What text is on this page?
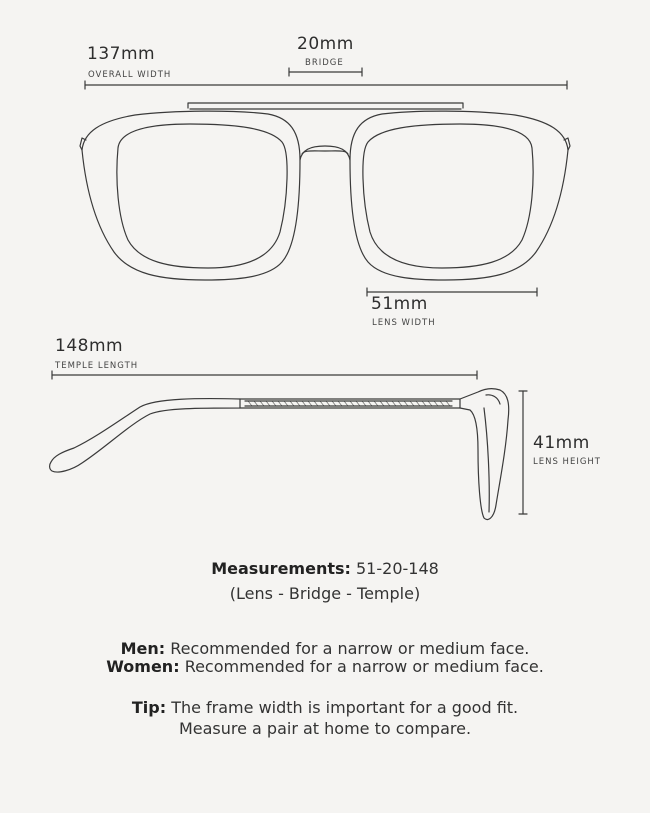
137mm
OVERALL WIDTH
20mm
BRIDGE
51mm
LENS WIDTH
148mm
TEMPLE LENGTH
41mm
LENS HEIGHT
Measurements: 51-20-148
(Lens - Bridge - Temple)
Men: Recommended for a narrow or medium face.
Women: Recommended for a narrow or medium face.
Tip: The frame width is important for a good fit.
Measure a pair at home to compare.
